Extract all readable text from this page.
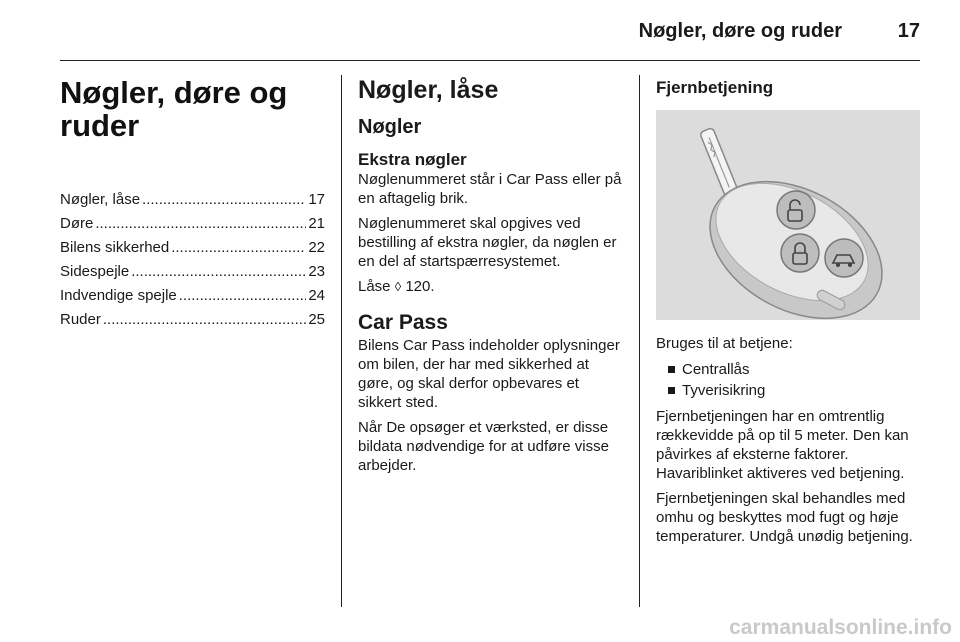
Nøgler, døre og ruder	17
Nøgler, døre og ruder
Nøgler, låse .....	17
Døre .....	21
Bilens sikkerhed .....	22
Sidespejle .....	23
Indvendige spejle .....	24
Ruder .....	25
Nøgler, låse
Nøgler
Ekstra nøgler

Nøglenummeret står i Car Pass eller på en aftagelig brik.

Nøglenummeret skal opgives ved bestilling af ekstra nøgler, da nøglen er en del af startspærresystemet.

Låse ◊ 120.

Car Pass

Bilens Car Pass indeholder oplysninger om bilen, der har med sikkerhed at gøre, og skal derfor opbevares et sikkert sted.

Når De opsøger et værksted, er disse bildata nødvendige for at udføre visse arbejder.

Fjernbetjening

Bruges til at betjene:

Centrallås
Tyverisikring

Fjernbetjeningen har en omtrentlig rækkevidde på op til 5 meter. Den kan påvirkes af eksterne faktorer. Havariblinket aktiveres ved betjening.

Fjernbetjeningen skal behandles med omhu og beskyttes mod fugt og høje temperaturer. Undgå unødig betjening.

carmanualsonline.info
